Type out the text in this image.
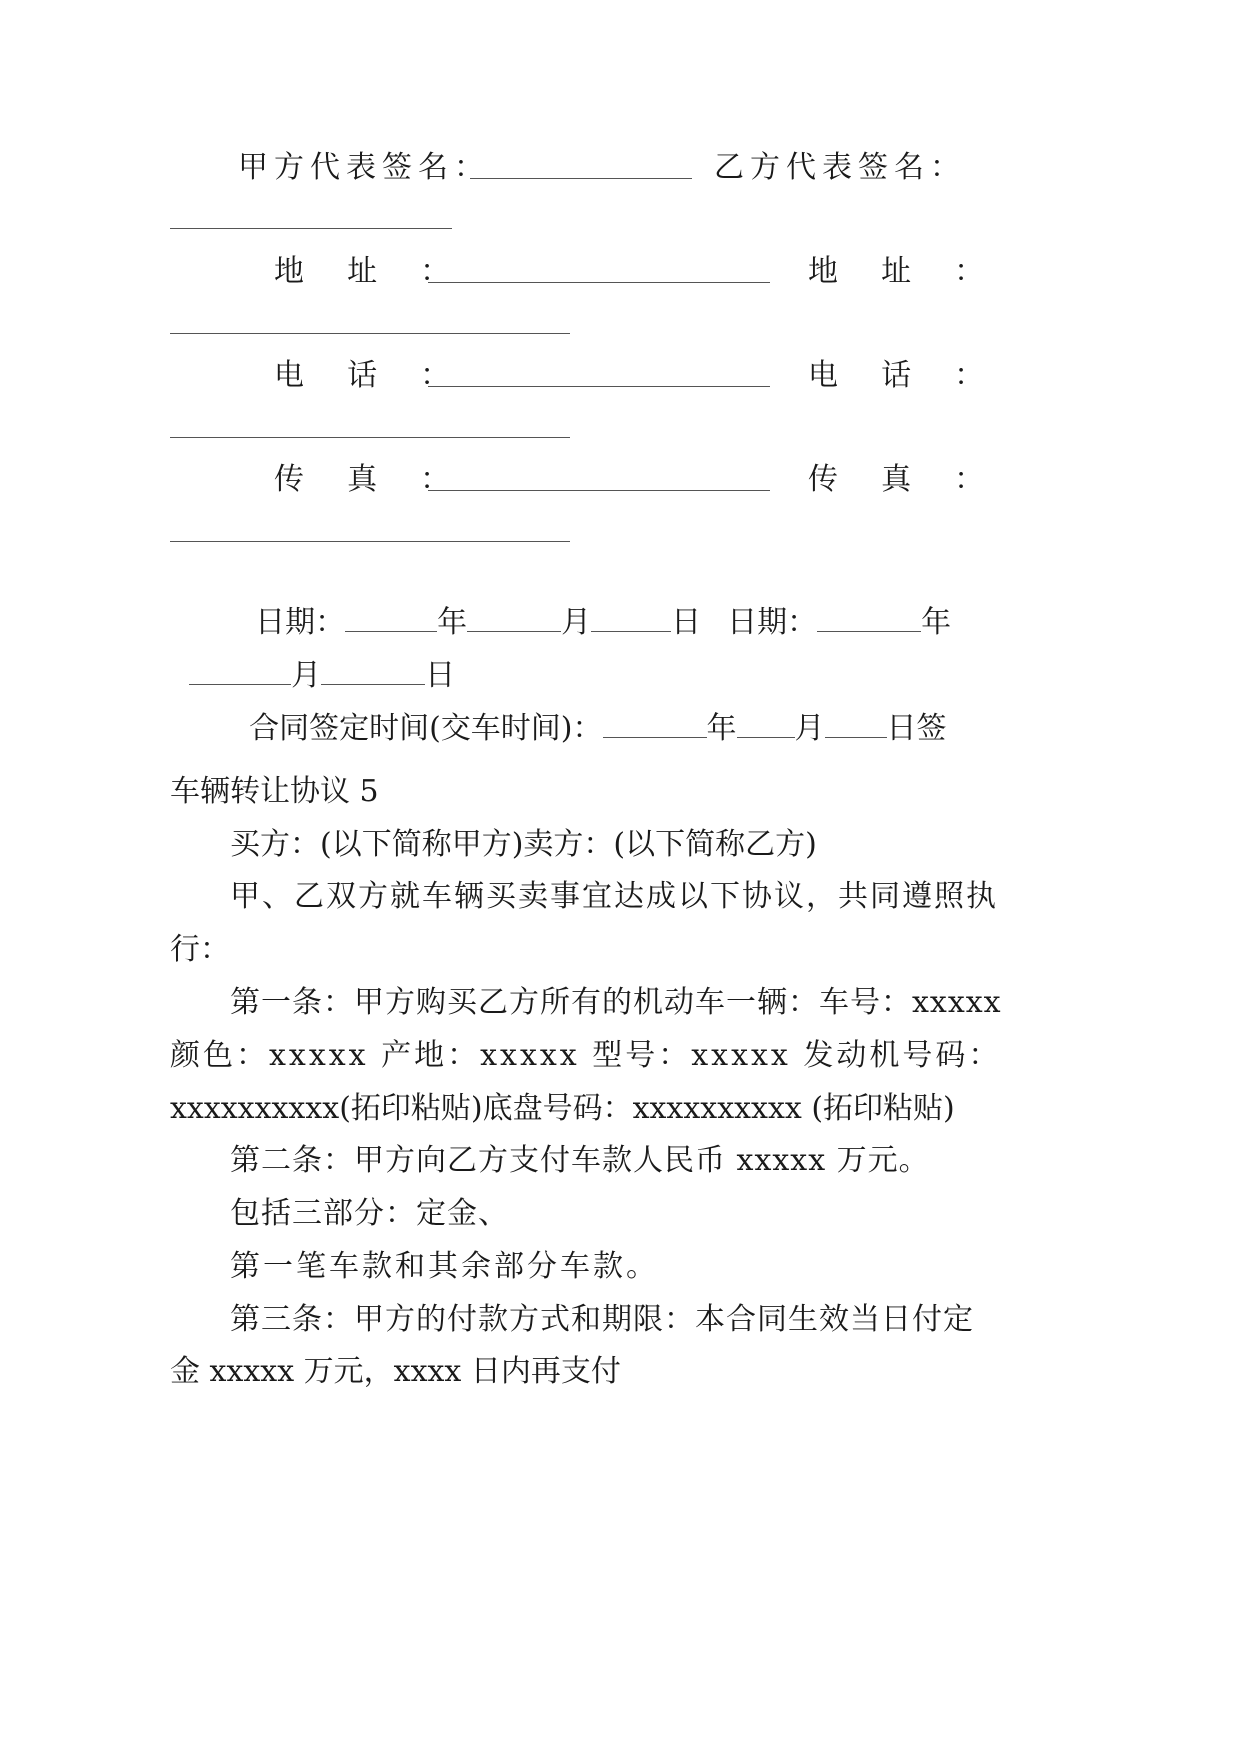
甲方代表签名：	乙方代表签名：
地  址  ：	地  址  ：
电  话  ：	电  话  ：
传  真  ：	传  真  ：

日期：	年	月	日 日期：	年

月	日

合同签定时间(交车时间)：	年 月 日签

车辆转让协议 5
买方：(以下简称甲方)卖方：(以下简称乙方)
甲、乙双方就车辆买卖事宜达成以下协议，共同遵照执
行：
第一条：甲方购买乙方所有的机动车一辆：车号：xxxxx
颜色：xxxxx 产地：xxxxx 型号：xxxxx 发动机号码：
xxxxxxxxxx(拓印粘贴)底盘号码：xxxxxxxxxx (拓印粘贴)
第二条：甲方向乙方支付车款人民币 xxxxx 万元。
包括三部分：定金、
第一笔车款和其余部分车款。
第三条：甲方的付款方式和期限：本合同生效当日付定
金 xxxxx 万元，xxxx 日内再支付
